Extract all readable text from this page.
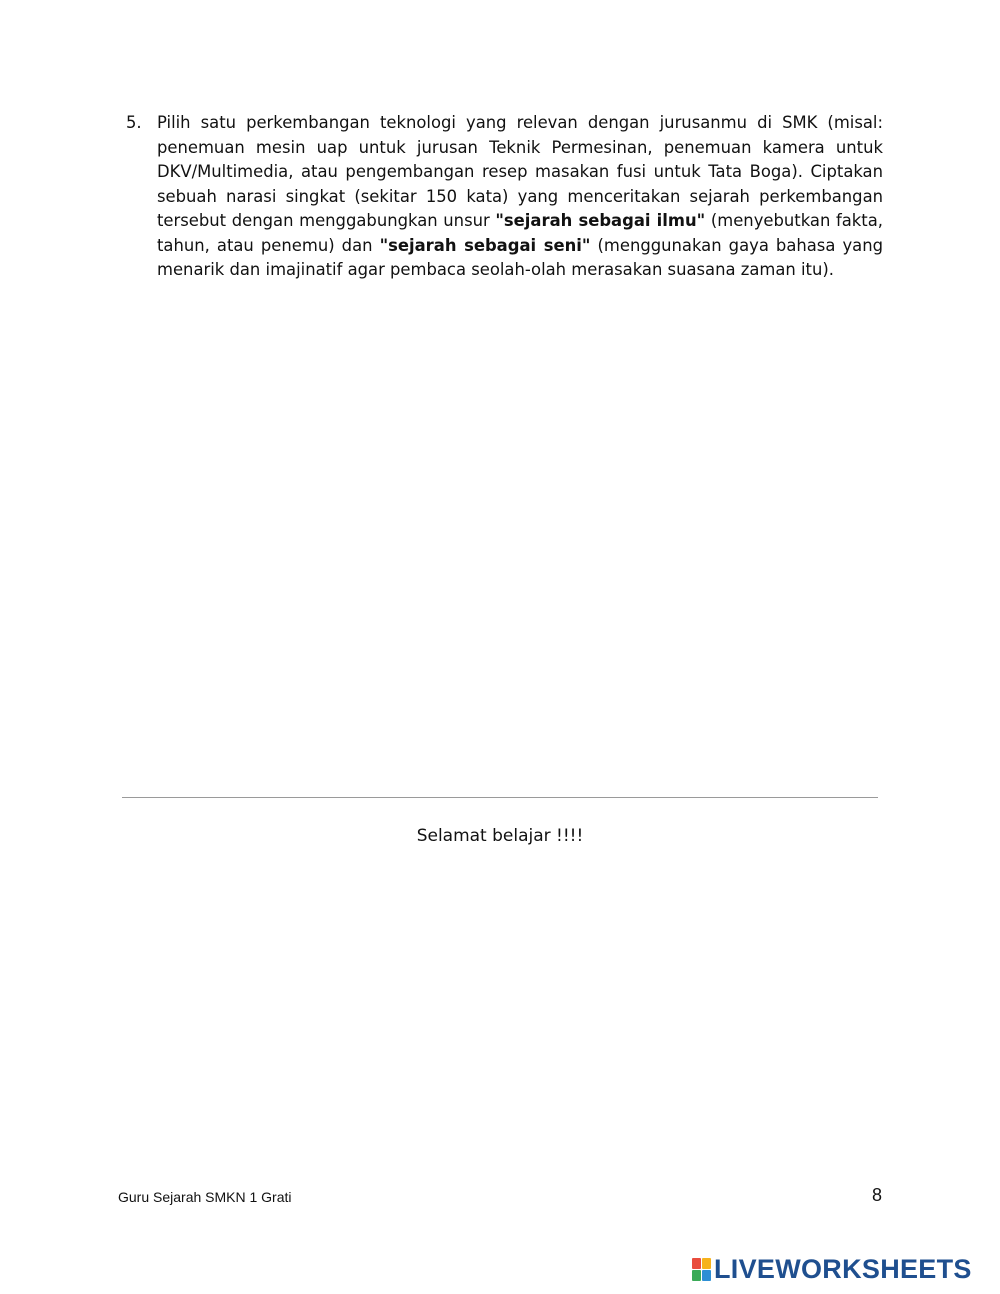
5. Pilih satu perkembangan teknologi yang relevan dengan jurusanmu di SMK (misal: penemuan mesin uap untuk jurusan Teknik Permesinan, penemuan kamera untuk DKV/Multimedia, atau pengembangan resep masakan fusi untuk Tata Boga). Ciptakan sebuah narasi singkat (sekitar 150 kata) yang menceritakan sejarah perkembangan tersebut dengan menggabungkan unsur "sejarah sebagai ilmu" (menyebutkan fakta, tahun, atau penemu) dan "sejarah sebagai seni" (menggunakan gaya bahasa yang menarik dan imajinatif agar pembaca seolah-olah merasakan suasana zaman itu).
Selamat belajar !!!!
Guru Sejarah SMKN 1 Grati	8
LIVEWORKSHEETS
